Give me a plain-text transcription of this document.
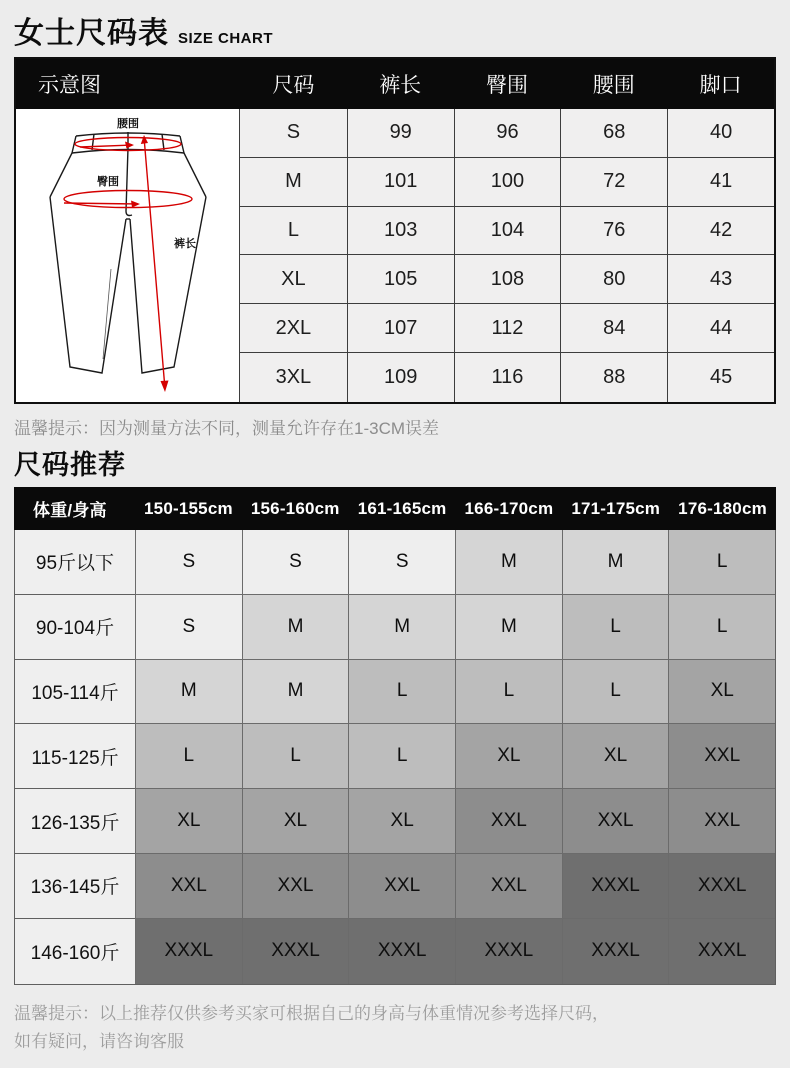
女士尺码表 SIZE CHART
示意图	尺码	裤长	臀围	腰围	脚口
腰围
臀围
裤长
S	99	96	68	40
M	101	100	72	41
L	103	104	76	42
XL	105	108	80	43
2XL	107	112	84	44
3XL	109	116	88	45
温馨提示：因为测量方法不同，测量允许存在1-3CM误差
尺码推荐
体重/身高	150-155cm	156-160cm	161-165cm	166-170cm	171-175cm	176-180cm
95斤以下	S	S	S	M	M	L
90-104斤	S	M	M	M	L	L
105-114斤	M	M	L	L	L	XL
115-125斤	L	L	L	XL	XL	XXL
126-135斤	XL	XL	XL	XXL	XXL	XXL
136-145斤	XXL	XXL	XXL	XXL	XXXL	XXXL
146-160斤	XXXL	XXXL	XXXL	XXXL	XXXL	XXXL
温馨提示：以上推荐仅供参考买家可根据自己的身高与体重情况参考选择尺码，
如有疑问，请咨询客服
